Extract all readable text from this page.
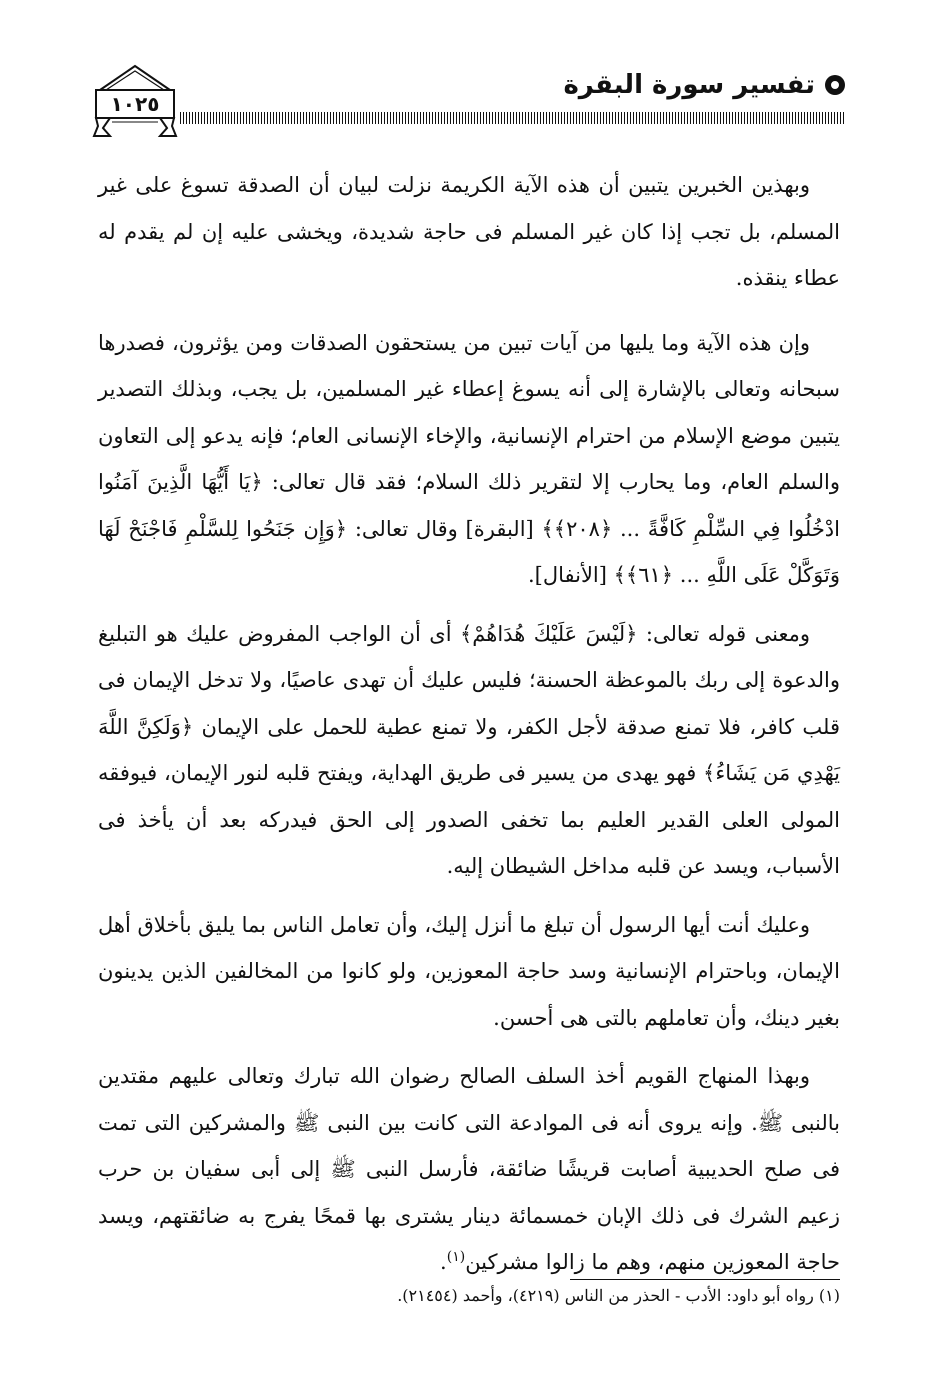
تفسير سورة البقرة
١٠٢٥

وبهذين الخبرين يتبين أن هذه الآية الكريمة نزلت لبيان أن الصدقة تسوغ على غير المسلم، بل تجب إذا كان غير المسلم فى حاجة شديدة، ويخشى عليه إن لم يقدم له عطاء ينقذه.

وإن هذه الآية وما يليها من آيات تبين من يستحقون الصدقات ومن يؤثرون، فصدرها سبحانه وتعالى بالإشارة إلى أنه يسوغ إعطاء غير المسلمين، بل يجب، وبذلك التصدير يتبين موضع الإسلام من احترام الإنسانية، والإخاء الإنسانى العام؛ فإنه يدعو إلى التعاون والسلم العام، وما يحارب إلا لتقرير ذلك السلام؛ فقد قال تعالى: ﴿يَا أَيُّهَا الَّذِينَ آمَنُوا ادْخُلُوا فِي السِّلْمِ كَافَّةً ... ﴿٢٠٨﴾﴾ [البقرة] وقال تعالى: ﴿وَإِن جَنَحُوا لِلسَّلْمِ فَاجْنَحْ لَهَا وَتَوَكَّلْ عَلَى اللَّهِ ... ﴿٦١﴾﴾ [الأنفال].

ومعنى قوله تعالى: ﴿لَيْسَ عَلَيْكَ هُدَاهُمْ﴾ أى أن الواجب المفروض عليك هو التبليغ والدعوة إلى ربك بالموعظة الحسنة؛ فليس عليك أن تهدى عاصيًا، ولا تدخل الإيمان فى قلب كافر، فلا تمنع صدقة لأجل الكفر، ولا تمنع عطية للحمل على الإيمان ﴿وَلَكِنَّ اللَّهَ يَهْدِي مَن يَشَاءُ﴾ فهو يهدى من يسير فى طريق الهداية، ويفتح قلبه لنور الإيمان، فيوفقه المولى العلى القدير العليم بما تخفى الصدور إلى الحق فيدركه بعد أن يأخذ فى الأسباب، ويسد عن قلبه مداخل الشيطان إليه.

وعليك أنت أيها الرسول أن تبلغ ما أنزل إليك، وأن تعامل الناس بما يليق بأخلاق أهل الإيمان، وباحترام الإنسانية وسد حاجة المعوزين، ولو كانوا من المخالفين الذين يدينون بغير دينك، وأن تعاملهم بالتى هى أحسن.

وبهذا المنهاج القويم أخذ السلف الصالح رضوان الله تبارك وتعالى عليهم مقتدين بالنبى ﷺ. وإنه يروى أنه فى الموادعة التى كانت بين النبى ﷺ والمشركين التى تمت فى صلح الحديبية أصابت قريشًا ضائقة، فأرسل النبى ﷺ إلى أبى سفيان بن حرب زعيم الشرك فى ذلك الإبان خمسمائة دينار يشترى بها قمحًا يفرج به ضائقتهم، ويسد حاجة المعوزين منهم، وهم ما زالوا مشركين$^{(١)}$.

(١) رواه أبو داود: الأدب - الحذر من الناس (٤٢١٩)، وأحمد (٢١٤٥٤).
